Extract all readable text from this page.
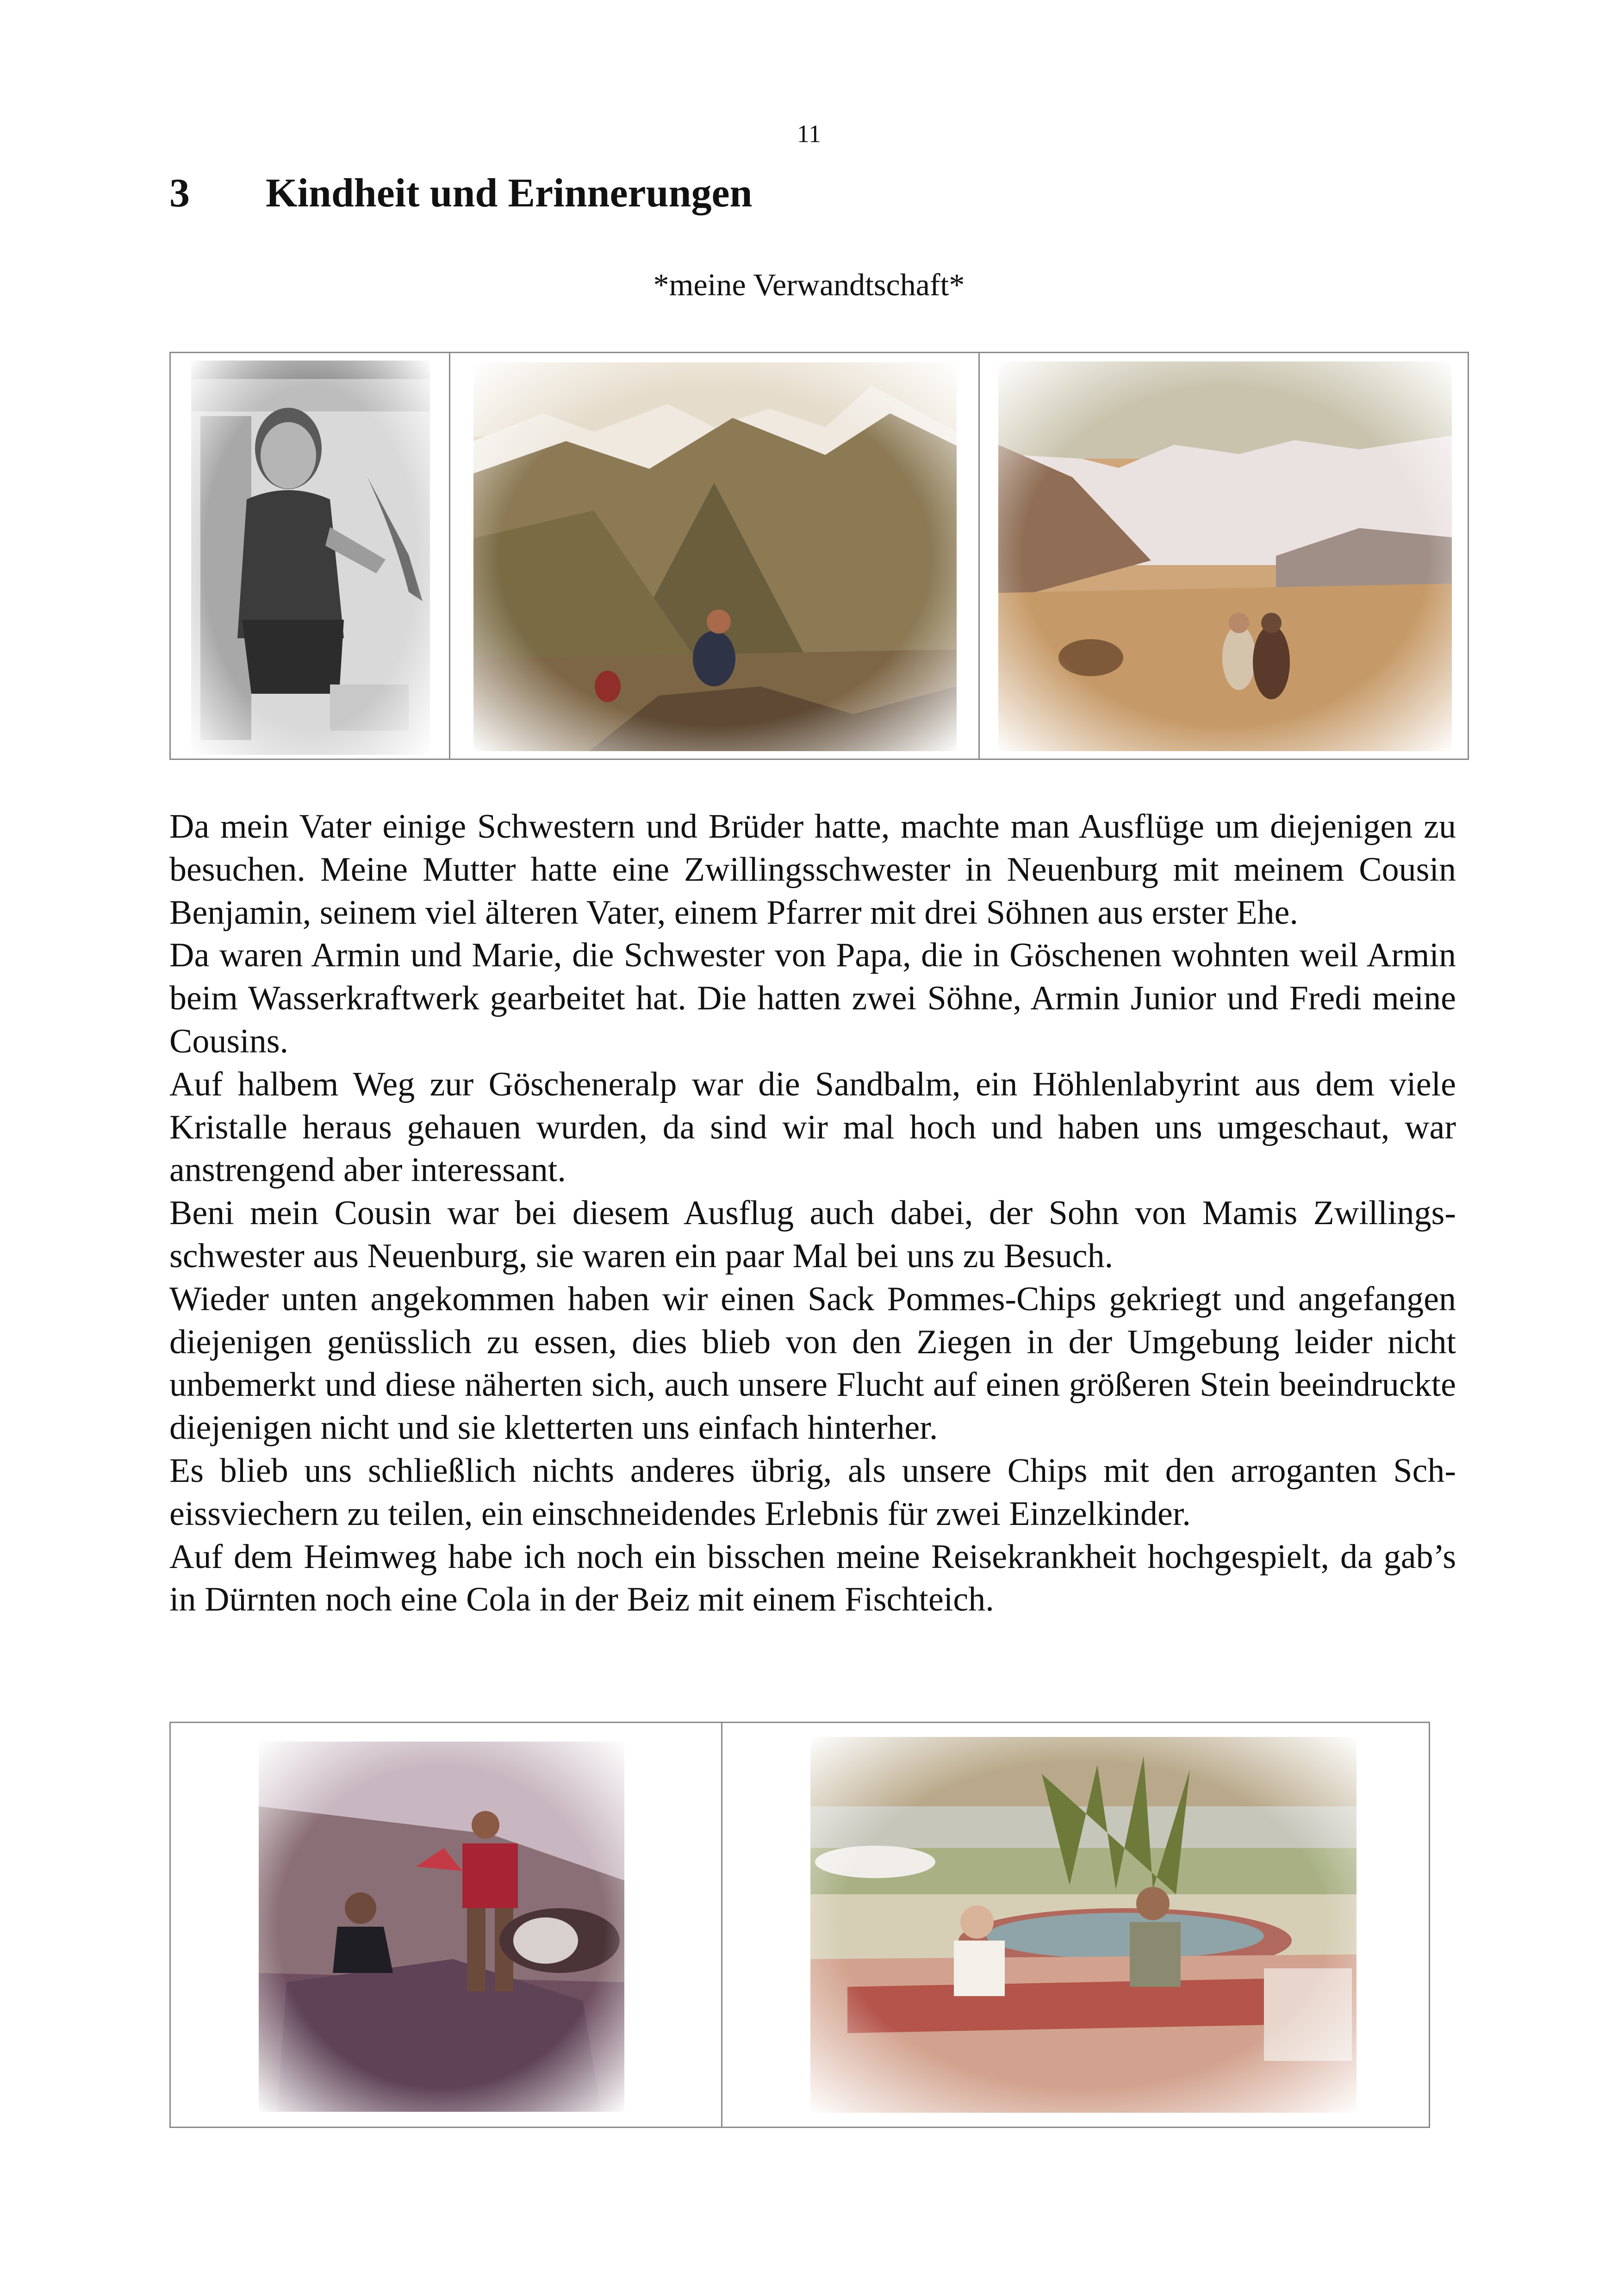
11
3	Kindheit und Erinnerungen
*meine Verwandtschaft*

Da mein Vater einige Schwestern und Brüder hatte, machte man Ausflüge um diejenigen zu besuchen. Meine Mutter hatte eine Zwillingsschwester in Neuenburg mit meinem Cousin Benjamin, seinem viel älteren Vater, einem Pfarrer mit drei Söhnen aus erster Ehe.

Da waren Armin und Marie, die Schwester von Papa, die in Göschenen wohnten weil Armin beim Wasserkraftwerk gearbeitet hat. Die hatten zwei Söhne, Armin Junior und Fredi meine Cousins.

Auf halbem Weg zur Göscheneralp war die Sandbalm, ein Höhlenlabyrint aus dem viele Kristalle heraus gehauen wurden, da sind wir mal hoch und haben uns umgeschaut, war anstrengend aber interessant.

Beni mein Cousin war bei diesem Ausflug auch dabei, der Sohn von Mamis Zwillingsschwester aus Neuenburg, sie waren ein paar Mal bei uns zu Besuch.

Wieder unten angekommen haben wir einen Sack Pommes-Chips gekriegt und angefangen diejenigen genüsslich zu essen, dies blieb von den Ziegen in der Umgebung leider nicht unbemerkt und diese näherten sich, auch unsere Flucht auf einen größeren Stein beeindruckte diejenigen nicht und sie kletterten uns einfach hinterher.

Es blieb uns schließlich nichts anderes übrig, als unsere Chips mit den arroganten Scheissviechern zu teilen, ein einschneidendes Erlebnis für zwei Einzelkinder.

Auf dem Heimweg habe ich noch ein bisschen meine Reisekrankheit hochgespielt, da gab’s in Dürnten noch eine Cola in der Beiz mit einem Fischteich.
